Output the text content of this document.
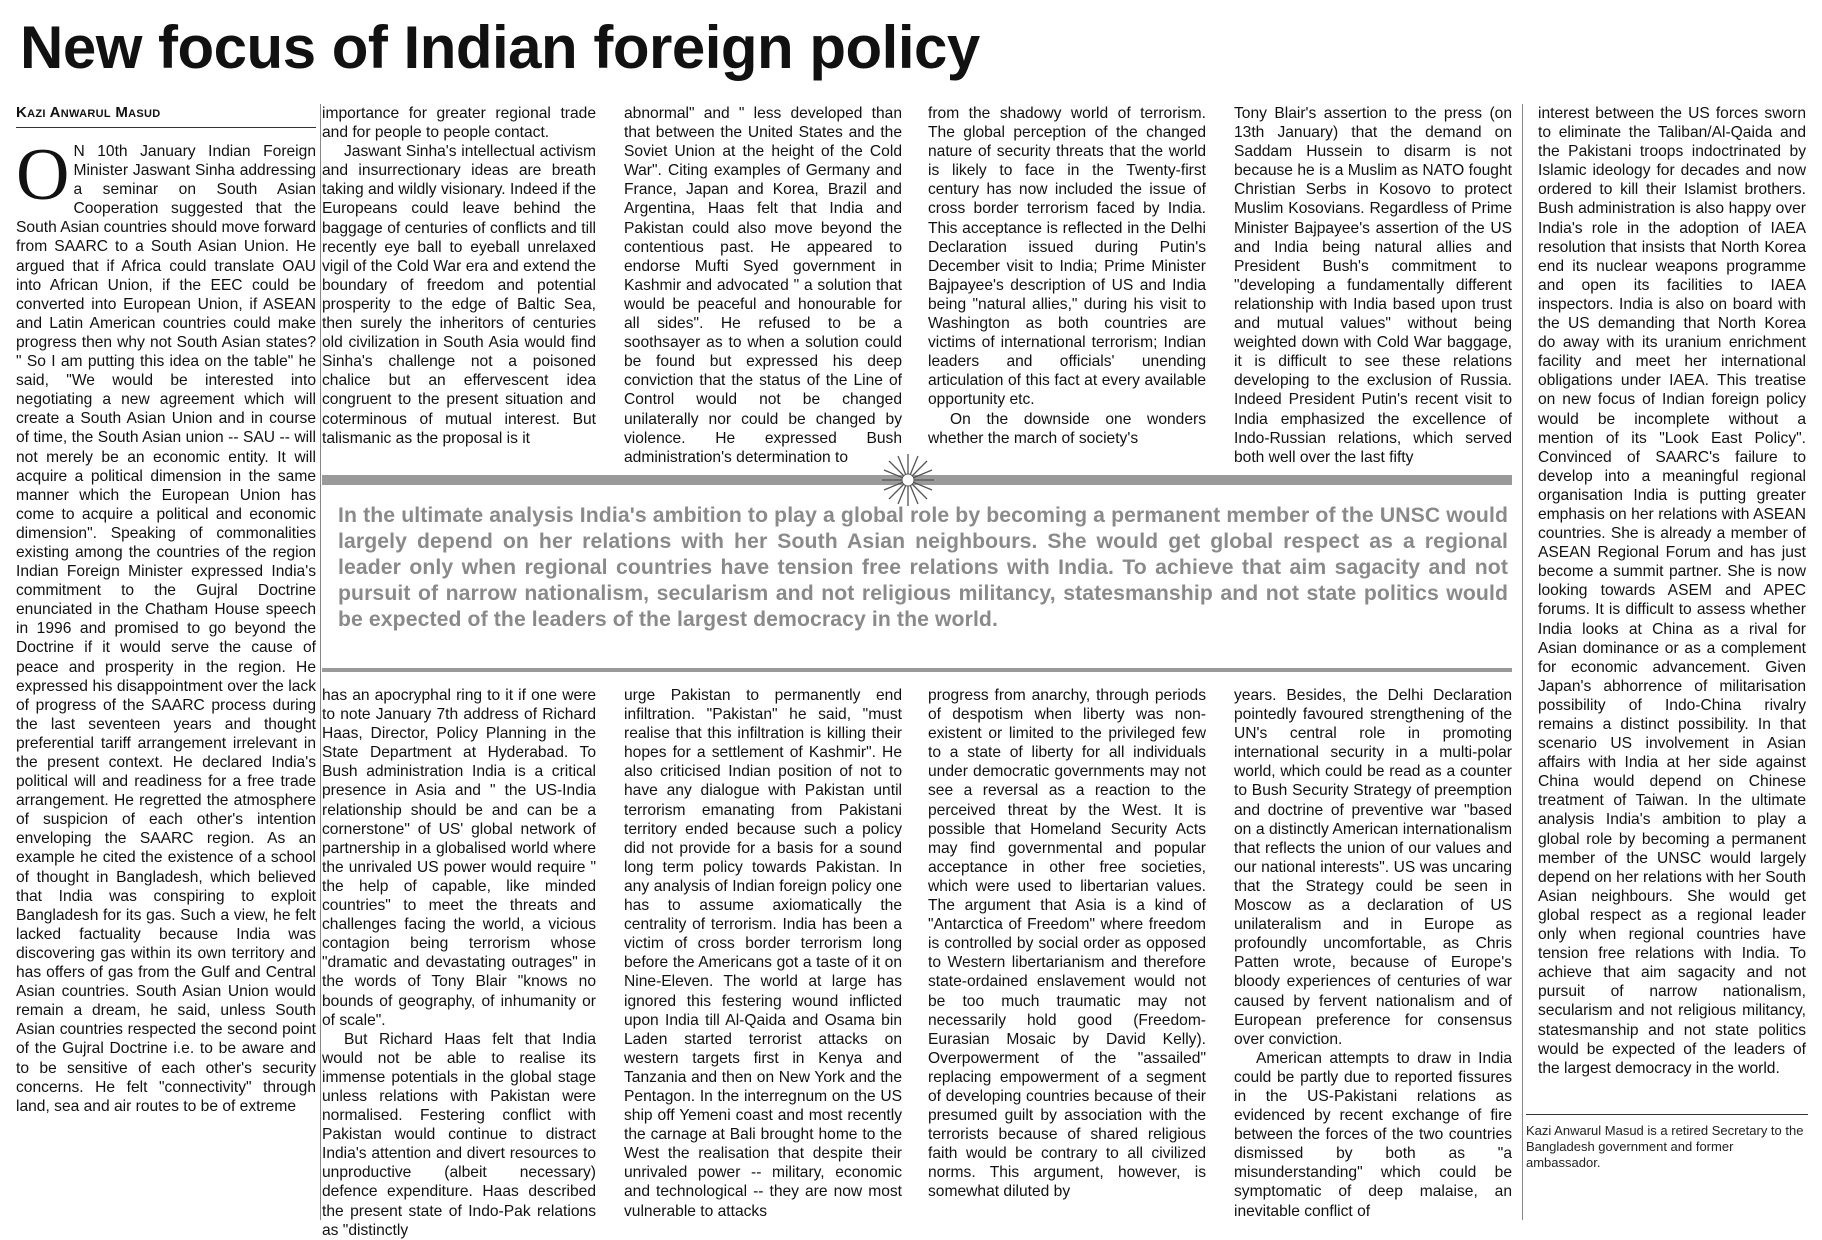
New focus of Indian foreign policy
Kazi Anwarul Masud
O N 10th January Indian Foreign Minister Jaswant Sinha addressing a seminar on South Asian Cooperation suggested that the South Asian countries should move forward from SAARC to a South Asian Union. He argued that if Africa could translate OAU into African Union, if the EEC could be converted into European Union, if ASEAN and Latin American countries could make progress then why not South Asian states? " So I am putting this idea on the table" he said, "We would be interested into negotiating a new agreement which will create a South Asian Union and in course of time, the South Asian union -- SAU -- will not merely be an economic entity. It will acquire a political dimension in the same manner which the European Union has come to acquire a political and economic dimension". Speaking of commonalities existing among the countries of the region Indian Foreign Minister expressed India's commitment to the Gujral Doctrine enunciated in the Chatham House speech in 1996 and promised to go beyond the Doctrine if it would serve the cause of peace and prosperity in the region. He expressed his disappointment over the lack of progress of the SAARC process during the last seventeen years and thought preferential tariff arrangement irrelevant in the present context. He declared India's political will and readiness for a free trade arrangement. He regretted the atmosphere of suspicion of each other's intention enveloping the SAARC region. As an example he cited the existence of a school of thought in Bangladesh, which believed that India was conspiring to exploit Bangladesh for its gas. Such a view, he felt lacked factuality because India was discovering gas within its own territory and has offers of gas from the Gulf and Central Asian countries. South Asian Union would remain a dream, he said, unless South Asian countries respected the second point of the Gujral Doctrine i.e. to be aware and to be sensitive of each other's security concerns. He felt "connectivity" through land, sea and air routes to be of extreme

importance for greater regional trade and for people to people contact.

Jaswant Sinha's intellectual activism and insurrectionary ideas are breath taking and wildly visionary. Indeed if the Europeans could leave behind the baggage of centuries of conflicts and till recently eye ball to eyeball unrelaxed vigil of the Cold War era and extend the boundary of freedom and potential prosperity to the edge of Baltic Sea, then surely the inheritors of centuries old civilization in South Asia would find Sinha's challenge not a poisoned chalice but an effervescent idea congruent to the present situation and coterminous of mutual interest. But talismanic as the proposal is it

abnormal" and " less developed than that between the United States and the Soviet Union at the height of the Cold War". Citing examples of Germany and France, Japan and Korea, Brazil and Argentina, Haas felt that India and Pakistan could also move beyond the contentious past. He appeared to endorse Mufti Syed government in Kashmir and advocated " a solution that would be peaceful and honourable for all sides". He refused to be a soothsayer as to when a solution could be found but expressed his deep conviction that the status of the Line of Control would not be changed unilaterally nor could be changed by violence. He expressed Bush administration's determination to

from the shadowy world of terrorism. The global perception of the changed nature of security threats that the world is likely to face in the Twenty-first century has now included the issue of cross border terrorism faced by India. This acceptance is reflected in the Delhi Declaration issued during Putin's December visit to India; Prime Minister Bajpayee's description of US and India being "natural allies," during his visit to Washington as both countries are victims of international terrorism; Indian leaders and officials' unending articulation of this fact at every available opportunity etc.

On the downside one wonders whether the march of society's

Tony Blair's assertion to the press (on 13th January) that the demand on Saddam Hussein to disarm is not because he is a Muslim as NATO fought Christian Serbs in Kosovo to protect Muslim Kosovians. Regardless of Prime Minister Bajpayee's assertion of the US and India being natural allies and President Bush's commitment to "developing a fundamentally different relationship with India based upon trust and mutual values" without being weighted down with Cold War baggage, it is difficult to see these relations developing to the exclusion of Russia. Indeed President Putin's recent visit to India emphasized the excellence of Indo-Russian relations, which served both well over the last fifty

interest between the US forces sworn to eliminate the Taliban/Al-Qaida and the Pakistani troops indoctrinated by Islamic ideology for decades and now ordered to kill their Islamist brothers. Bush administration is also happy over India's role in the adoption of IAEA resolution that insists that North Korea end its nuclear weapons programme and open its facilities to IAEA inspectors. India is also on board with the US demanding that North Korea do away with its uranium enrichment facility and meet her international obligations under IAEA. This treatise on new focus of Indian foreign policy would be incomplete without a mention of its "Look East Policy". Convinced of SAARC's failure to develop into a meaningful regional organisation India is putting greater emphasis on her relations with ASEAN countries. She is already a member of ASEAN Regional Forum and has just become a summit partner. She is now looking towards ASEM and APEC forums. It is difficult to assess whether India looks at China as a rival for Asian dominance or as a complement for economic advancement. Given Japan's abhorrence of militarisation possibility of Indo-China rivalry remains a distinct possibility. In that scenario US involvement in Asian affairs with India at her side against China would depend on Chinese treatment of Taiwan. In the ultimate analysis India's ambition to play a global role by becoming a permanent member of the UNSC would largely depend on her relations with her South Asian neighbours. She would get global respect as a regional leader only when regional countries have tension free relations with India. To achieve that aim sagacity and not pursuit of narrow nationalism, secularism and not religious militancy, statesmanship and not state politics would be expected of the leaders of the largest democracy in the world.

In the ultimate analysis India's ambition to play a global role by becoming a permanent member of the UNSC would largely depend on her relations with her South Asian neighbours. She would get global respect as a regional leader only when regional countries have tension free relations with India. To achieve that aim sagacity and not pursuit of narrow nationalism, secularism and not religious militancy, statesmanship and not state politics would be expected of the leaders of the largest democracy in the world.

has an apocryphal ring to it if one were to note January 7th address of Richard Haas, Director, Policy Planning in the State Department at Hyderabad. To Bush administration India is a critical presence in Asia and " the US-India relationship should be and can be a cornerstone" of US' global network of partnership in a globalised world where the unrivaled US power would require " the help of capable, like minded countries" to meet the threats and challenges facing the world, a vicious contagion being terrorism whose "dramatic and devastating outrages" in the words of Tony Blair "knows no bounds of geography, of inhumanity or of scale".

But Richard Haas felt that India would not be able to realise its immense potentials in the global stage unless relations with Pakistan were normalised. Festering conflict with Pakistan would continue to distract India's attention and divert resources to unproductive (albeit necessary) defence expenditure. Haas described the present state of Indo-Pak relations as "distinctly

urge Pakistan to permanently end infiltration. "Pakistan" he said, "must realise that this infiltration is killing their hopes for a settlement of Kashmir". He also criticised Indian position of not to have any dialogue with Pakistan until terrorism emanating from Pakistani territory ended because such a policy did not provide for a basis for a sound long term policy towards Pakistan. In any analysis of Indian foreign policy one has to assume axiomatically the centrality of terrorism. India has been a victim of cross border terrorism long before the Americans got a taste of it on Nine-Eleven. The world at large has ignored this festering wound inflicted upon India till Al-Qaida and Osama bin Laden started terrorist attacks on western targets first in Kenya and Tanzania and then on New York and the Pentagon. In the interregnum on the US ship off Yemeni coast and most recently the carnage at Bali brought home to the West the realisation that despite their unrivaled power -- military, economic and technological -- they are now most vulnerable to attacks

progress from anarchy, through periods of despotism when liberty was non-existent or limited to the privileged few to a state of liberty for all individuals under democratic governments may not see a reversal as a reaction to the perceived threat by the West. It is possible that Homeland Security Acts may find governmental and popular acceptance in other free societies, which were used to libertarian values. The argument that Asia is a kind of "Antarctica of Freedom" where freedom is controlled by social order as opposed to Western libertarianism and therefore state-ordained enslavement would not be too much traumatic may not necessarily hold good (Freedom- Eurasian Mosaic by David Kelly). Overpowerment of the "assailed" replacing empowerment of a segment of developing countries because of their presumed guilt by association with the terrorists because of shared religious faith would be contrary to all civilized norms. This argument, however, is somewhat diluted by

years. Besides, the Delhi Declaration pointedly favoured strengthening of the UN's central role in promoting international security in a multi-polar world, which could be read as a counter to Bush Security Strategy of preemption and doctrine of preventive war "based on a distinctly American internationalism that reflects the union of our values and our national interests". US was uncaring that the Strategy could be seen in Moscow as a declaration of US unilateralism and in Europe as profoundly uncomfortable, as Chris Patten wrote, because of Europe's bloody experiences of centuries of war caused by fervent nationalism and of European preference for consensus over conviction.

American attempts to draw in India could be partly due to reported fissures in the US-Pakistani relations as evidenced by recent exchange of fire between the forces of the two countries dismissed by both as "a misunderstanding" which could be symptomatic of deep malaise, an inevitable conflict of

Kazi Anwarul Masud is a retired Secretary to the Bangladesh government and former ambassador.
